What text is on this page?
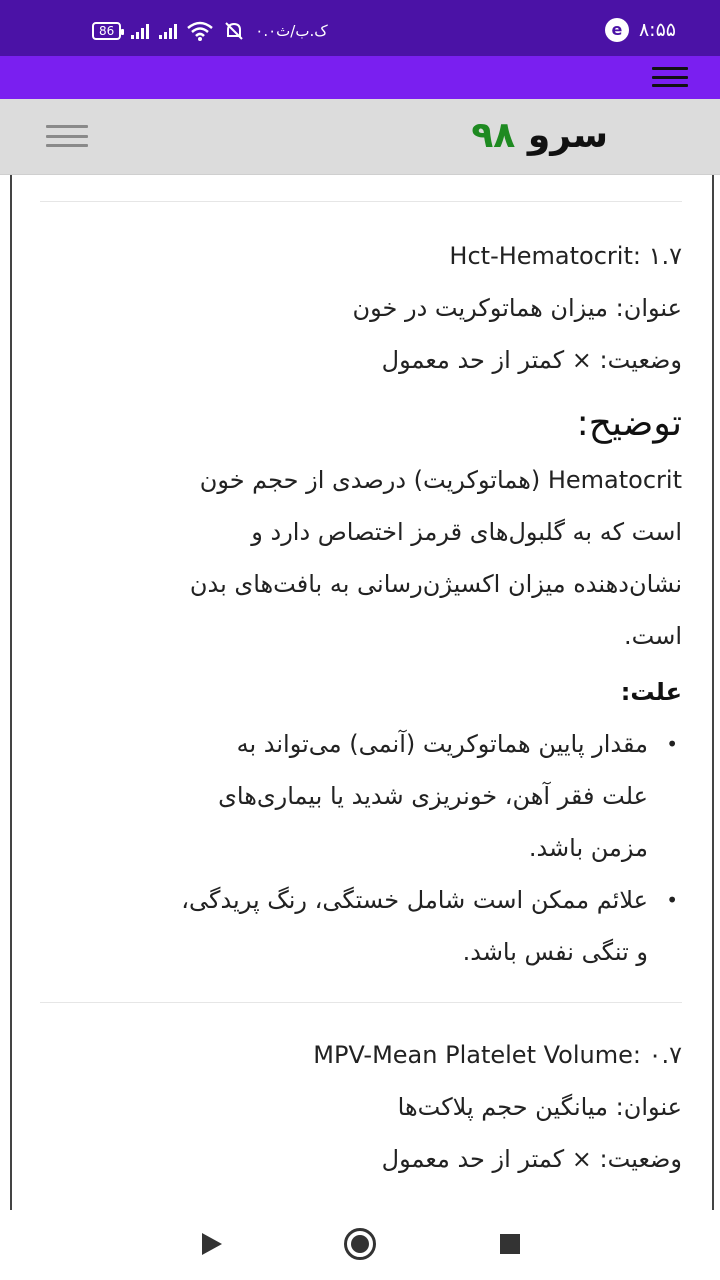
86	۰.۰ک.ب/ث	e ۸:۵۵
سرو ۹۸
Hct-Hematocrit: ۱.۷
عنوان: میزان هماتوکریت در خون
وضعیت: × کمتر از حد معمول
توضیح:
Hematocrit (هماتوکریت) درصدی از حجم خون
است که به گلبول‌های قرمز اختصاص دارد و
نشان‌دهنده میزان اکسیژن‌رسانی به بافت‌های بدن
است.
علت:
•
مقدار پایین هماتوکریت (آنمی) می‌تواند به
علت فقر آهن، خونریزی شدید یا بیماری‌های
مزمن باشد.
•
علائم ممکن است شامل خستگی، رنگ پریدگی،
و تنگی نفس باشد.
MPV-Mean Platelet Volume: ۰.۷
عنوان: میانگین حجم پلاکت‌ها
وضعیت: × کمتر از حد معمول
